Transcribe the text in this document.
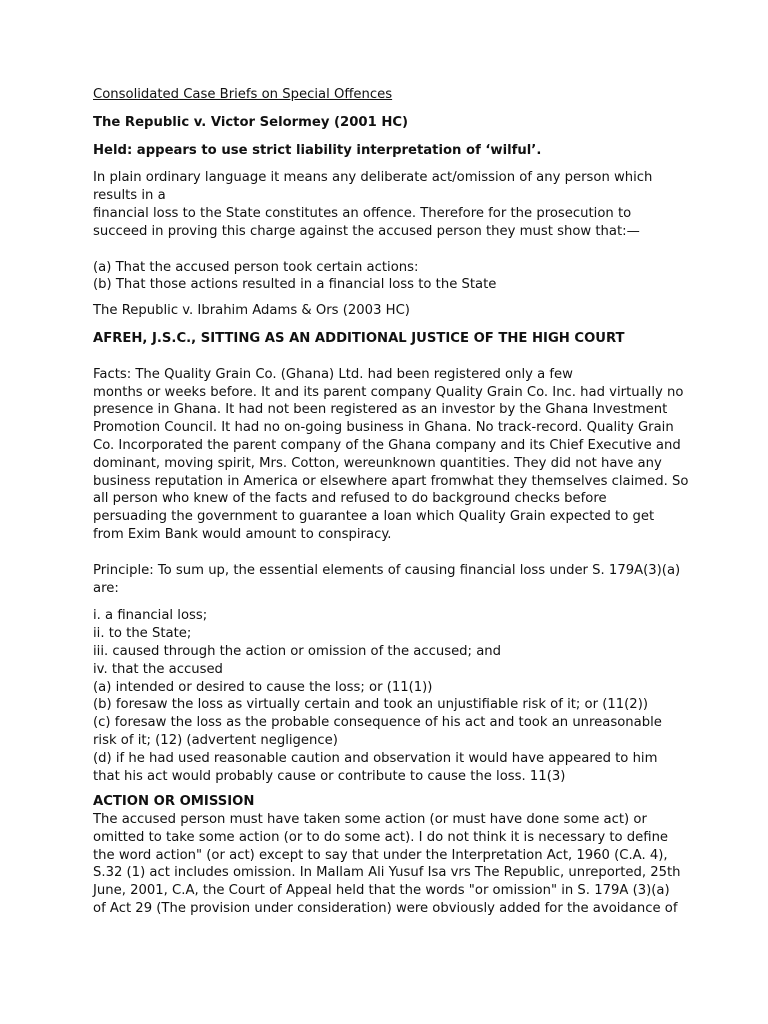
Consolidated Case Briefs on Special Offences
The Republic v. Victor Selormey (2001 HC)
Held: appears to use strict liability interpretation of ‘wilful’.
In plain ordinary language it means any deliberate act/omission of any person which
results in a
financial loss to the State constitutes an offence. Therefore for the prosecution to
succeed in proving this charge against the accused person they must show that:—
(a) That the accused person took certain actions:
(b) That those actions resulted in a financial loss to the State
The Republic v. Ibrahim Adams & Ors (2003 HC)
AFREH, J.S.C., SITTING AS AN ADDITIONAL JUSTICE OF THE HIGH COURT
Facts: The Quality Grain Co. (Ghana) Ltd. had been registered only a few
months or weeks before. It and its parent company Quality Grain Co. Inc. had virtually no
presence in Ghana. It had not been registered as an investor by the Ghana Investment
Promotion Council. It had no on-going business in Ghana. No track-record. Quality Grain
Co. Incorporated the parent company of the Ghana company and its Chief Executive and
dominant, moving spirit, Mrs. Cotton, wereunknown quantities. They did not have any
business reputation in America or elsewhere apart fromwhat they themselves claimed. So
all person who knew of the facts and refused to do background checks before
persuading the government to guarantee a loan which Quality Grain expected to get
from Exim Bank would amount to conspiracy.
Principle: To sum up, the essential elements of causing financial loss under S. 179A(3)(a)
are:
i. a financial loss;
ii. to the State;
iii. caused through the action or omission of the accused; and
iv. that the accused
(a) intended or desired to cause the loss; or (11(1))
(b) foresaw the loss as virtually certain and took an unjustifiable risk of it; or (11(2))
(c) foresaw the loss as the probable consequence of his act and took an unreasonable
risk of it; (12) (advertent negligence)
(d) if he had used reasonable caution and observation it would have appeared to him
that his act would probably cause or contribute to cause the loss. 11(3)
ACTION OR OMISSION
The accused person must have taken some action (or must have done some act) or
omitted to take some action (or to do some act). I do not think it is necessary to define
the word action" (or act) except to say that under the Interpretation Act, 1960 (C.A. 4),
S.32 (1) act includes omission. In Mallam Ali Yusuf Isa vrs The Republic, unreported, 25th
June, 2001, C.A, the Court of Appeal held that the words "or omission" in S. 179A (3)(a)
of Act 29 (The provision under consideration) were obviously added for the avoidance of
